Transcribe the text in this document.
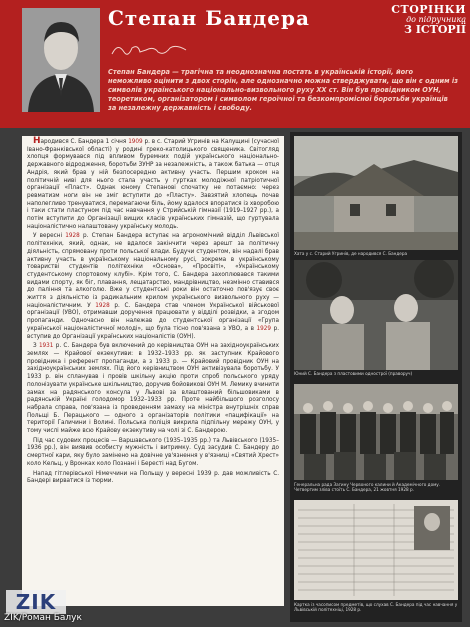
Степан Бандера	СТОРІНКИ
до підручника
З ІСТОРІЇ
Степан Бандера — трагічна та неоднозначна постать в українській історії, його неможливо оцінити з двох сторін, але однозначно можна стверджувати, що він є одним із символів українського національно-визвольного руху XX ст. Він був провідником ОУН, теоретиком, організатором і символом героїчної та безкомпромісної боротьби українців за незалежну державність і свободу.

Народився С. Бандера 1 січня 1909 р. в с. Старий Угринів на Калущині (сучасної Івано-Франківської області) у родині греко-католицького священика. Світогляд хлопця формувався під впливом буремних подій українського національно-державного відродження, боротьби ЗУНР за незалежність, а також батька — отця Андрія, який брав у ній безпосередню активну участь. Першим кроком на політичній ниві для нього стала участь у гуртках молодіжної патріотичної організації «Пласт». Однак юному Степанові спочатку не потаємно: через ревматизм ноги він не зміг вступити до «Пласту». Завзятий хлопець почав наполегливо тренуватися, перемагаючи біль, йому вдалося впоратися із хворобою і таки стати пластуном під час навчання у Стрийській гімназії (1919–1927 рр.), а потім вступити до Організації вищих класів українських гімназій, що гуртувала націоналістично налаштовану українську молодь.

У вересні 1928 р. Степан Бандера вступає на агрономічний відділ Львівської політехніки, який, однак, не вдалося закінчити через арешт за політичну діяльність, спрямовану проти польської влади. Будучи студентом, він надалі брав активну участь в українському національному русі, зокрема в українському товаристві студентів політехніки «Основа», «Просвіті», «Українському студентському спортовому клубі». Крім того, С. Бандера захоплювався такими видами спорту, як біг, плавання, лещатарство, мандрівництво, незмінно ставився до паління та алкоголю. Вже у студентські роки він остаточно пов'язує своє життя з діяльністю із радикальним крилом українського визвольного руху — націоналістичним. У 1928 р. С. Бандера став членом Української військової організації (УВО), отримавши доручення працювати у відділі розвідки, а згодом пропаганди. Одночасно він належав до студентської організації «Група української націоналістичної молоді», що була тісно пов'язана з УВО, а в 1929 р. вступив до Організації українських націоналістів (ОУН).

З 1931 р. С. Бандера був включений до керівництва ОУН на західноукраїнських землях — Крайової екзекутиви: в 1932–1933 рр. як заступник Крайового провідника і референт пропаганди, а з 1933 р. — Крайовий провідник ОУН на західноукраїнських землях. Під його керівництвом ОУН активізувала боротьбу. У 1933 р. він спланував і провів шкільну акцію проти спроб польського уряду полонізувати українське шкільництво, доручив бойовикові ОУН М. Лемику вчинити замах на радянського консула у Львові за влаштований більшовиками в радянській Україні голодомор 1932–1933 рр. Проте найбільшого розголосу набрала справа, пов'язана із проведенням замаху на міністра внутрішніх справ Польщі Б. Перацького — одного з організаторів політики «пацифікації» на території Галичини і Волині. Польська поліція викрила підпільну мережу ОУН, у тому числі майже всю Крайову екзекутиву на чолі зі С. Бандерою.

Під час судових процесів — Варшавського (1935–1935 рр.) та Львівського (1935–1936 рр.), він виявив особисту мужність і витримку. Суд засудив С. Бандеру до смертної кари, яку було замінено на довічне ув'язнення у в'язниці «Святий Хрест» коло Кельц, у Вронках коло Познані і Бересті над Бугом.

Напад гітлерівської Німеччини на Польщу у вересні 1939 р. дав можливість С. Бандері вирватися із тюрми.

Хата у с. Старий Угринів, де народився С. Бандера
Юний С. Бандера з пластовими однострої (праворуч)
Генеральна рада Загину Червоного калини й Академічного дому. Четвертим зліва стоїть С. Бандера, 21 жовтня 1928 р.
Картка із часописом предметів, що слухав С. Бандера під час навчання у Львівській політехніці, 1928 р.
ZIK
ZIK/Роман Балук
